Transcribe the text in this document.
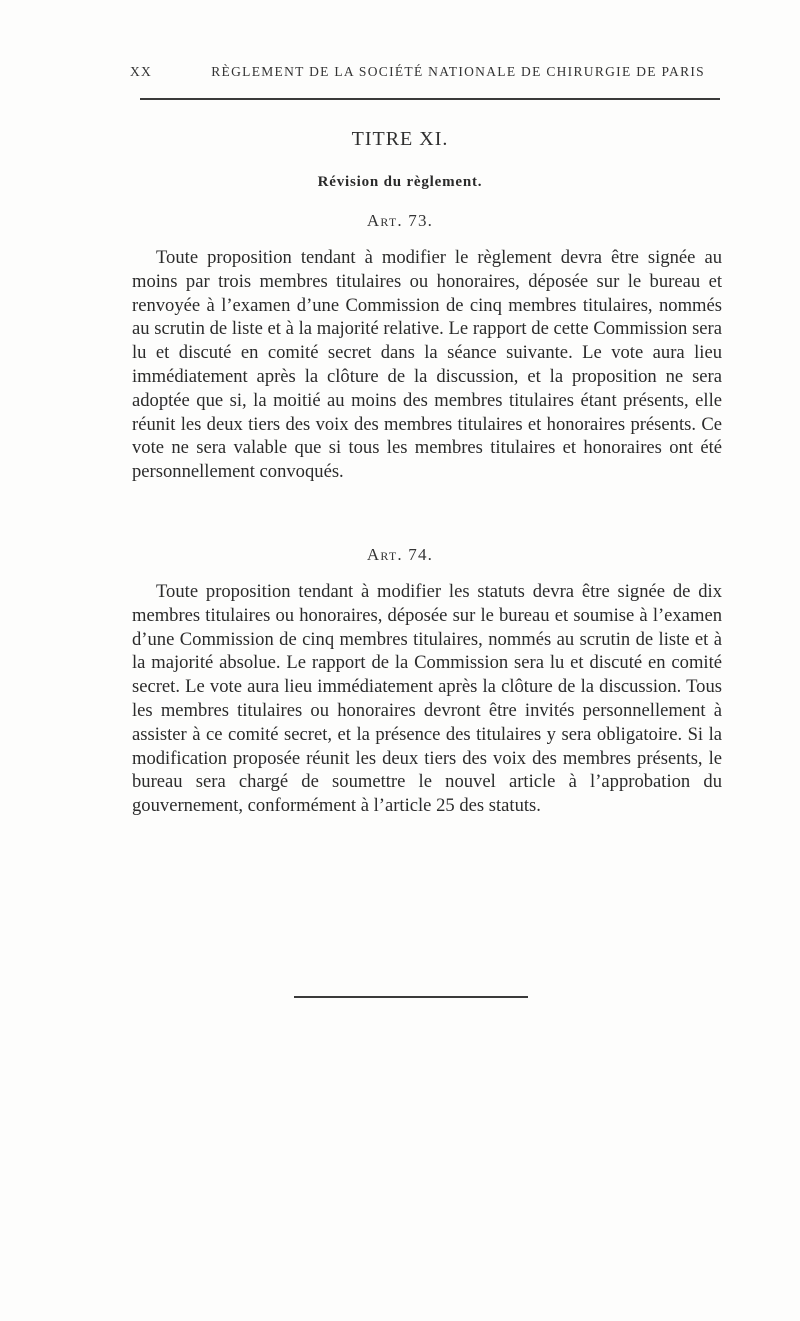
XX	RÈGLEMENT DE LA SOCIÉTÉ NATIONALE DE CHIRURGIE DE PARIS
TITRE XI.
Révision du règlement.
Art. 73.

Toute proposition tendant à modifier le règlement devra être signée au moins par trois membres titulaires ou honoraires, déposée sur le bureau et renvoyée à l’examen d’une Commission de cinq membres titulaires, nommés au scrutin de liste et à la majorité relative. Le rapport de cette Commission sera lu et discuté en comité secret dans la séance suivante. Le vote aura lieu immédiatement après la clôture de la discussion, et la proposition ne sera adoptée que si, la moitié au moins des membres titulaires étant présents, elle réunit les deux tiers des voix des membres titulaires et honoraires présents. Ce vote ne sera valable que si tous les membres titulaires et honoraires ont été personnellement convoqués.

Art. 74.

Toute proposition tendant à modifier les statuts devra être signée de dix membres titulaires ou honoraires, déposée sur le bureau et soumise à l’examen d’une Commission de cinq membres titulaires, nommés au scrutin de liste et à la majorité absolue. Le rapport de la Commission sera lu et discuté en comité secret. Le vote aura lieu immédiatement après la clôture de la discussion. Tous les membres titulaires ou honoraires devront être invités personnellement à assister à ce comité secret, et la présence des titulaires y sera obligatoire. Si la modification proposée réunit les deux tiers des voix des membres présents, le bureau sera chargé de soumettre le nouvel article à l’approbation du gouvernement, conformément à l’article 25 des statuts.
